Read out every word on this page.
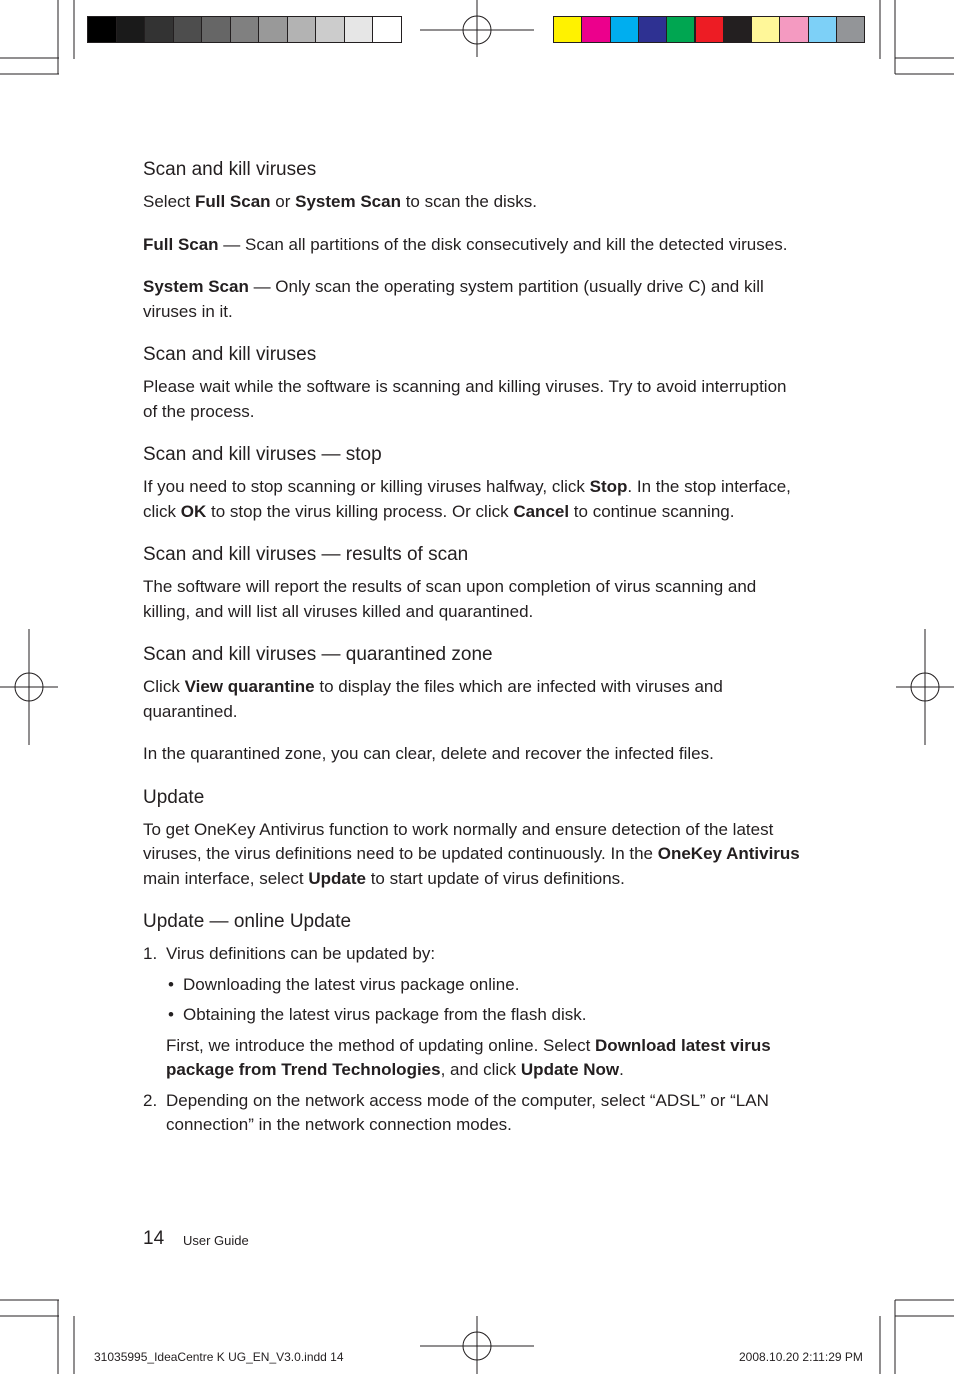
Scan and kill viruses

Select Full Scan or System Scan to scan the disks.

Full Scan — Scan all partitions of the disk consecutively and kill the detected viruses.

System Scan — Only scan the operating system partition (usually drive C) and kill viruses in it.

Scan and kill viruses

Please wait while the software is scanning and killing viruses. Try to avoid interruption of the process.

Scan and kill viruses — stop

If you need to stop scanning or killing viruses halfway, click Stop. In the stop interface, click OK to stop the virus killing process. Or click Cancel to continue scanning.

Scan and kill viruses — results of scan

The software will report the results of scan upon completion of virus scanning and killing, and will list all viruses killed and quarantined.

Scan and kill viruses — quarantined zone

Click View quarantine to display the files which are infected with viruses and quarantined.

In the quarantined zone, you can clear, delete and recover the infected files.

Update

To get OneKey Antivirus function to work normally and ensure detection of the latest viruses, the virus definitions need to be updated continuously. In the OneKey Antivirus main interface, select Update to start update of virus definitions.

Update — online Update
1. Virus definitions can be updated by:
• Downloading the latest virus package online.
• Obtaining the latest virus package from the flash disk.
First, we introduce the method of updating online. Select Download latest virus package from Trend Technologies, and click Update Now.
2. Depending on the network access mode of the computer, select “ADSL” or “LAN connection” in the network connection modes.
14 User Guide
31035995_IdeaCentre K UG_EN_V3.0.indd 14	2008.10.20 2:11:29 PM
